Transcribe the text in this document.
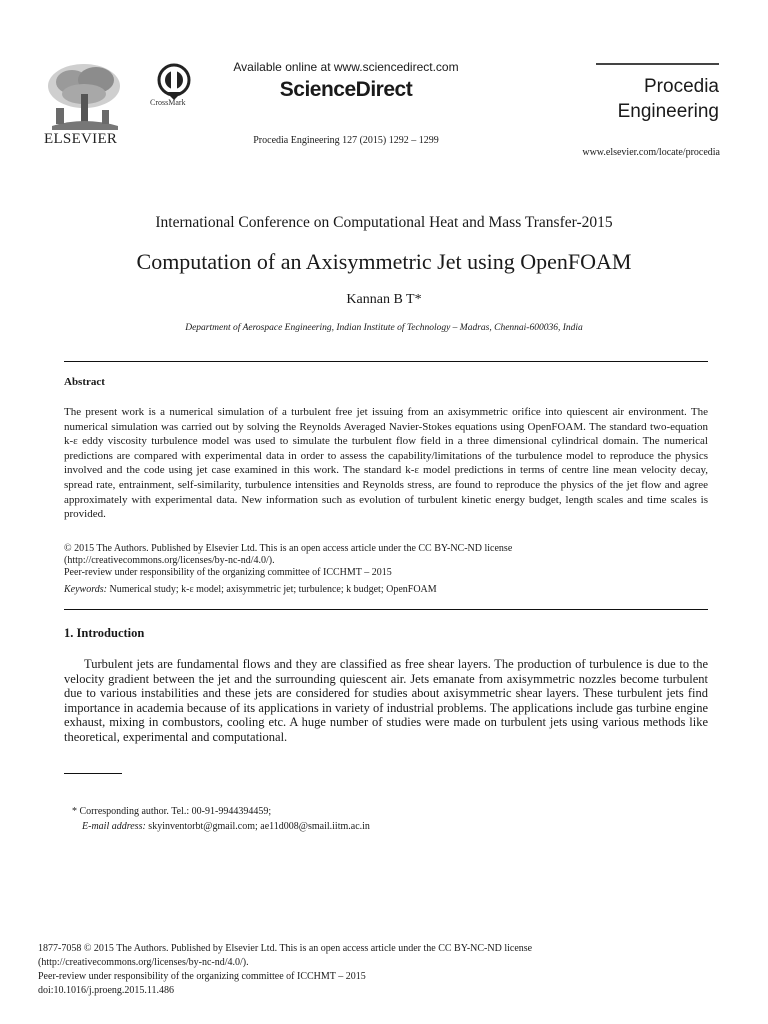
ELSEVIER
CrossMark
Available online at www.sciencedirect.com
ScienceDirect
Procedia Engineering 127 (2015) 1292 – 1299
Procedia
Engineering
www.elsevier.com/locate/procedia
International Conference on Computational Heat and Mass Transfer-2015
Computation of an Axisymmetric Jet using OpenFOAM
Kannan B T*
Department of Aerospace Engineering, Indian Institute of Technology – Madras, Chennai-600036, India
Abstract
The present work is a numerical simulation of a turbulent free jet issuing from an axisymmetric orifice into quiescent air environment. The numerical simulation was carried out by solving the Reynolds Averaged Navier-Stokes equations using OpenFOAM. The standard two-equation k-ε eddy viscosity turbulence model was used to simulate the turbulent flow field in a three dimensional cylindrical domain. The numerical predictions are compared with experimental data in order to assess the capability/limitations of the turbulence model to reproduce the physics involved and the code using jet case examined in this work. The standard k-ε model predictions in terms of centre line mean velocity decay, spread rate, entrainment, self-similarity, turbulence intensities and Reynolds stress, are found to reproduce the physics of the jet flow and agree approximately with experimental data. New information such as evolution of turbulent kinetic energy budget, length scales and time scales is provided.
© 2015 The Authors. Published by Elsevier Ltd. This is an open access article under the CC BY-NC-ND license
(http://creativecommons.org/licenses/by-nc-nd/4.0/).
Peer-review under responsibility of the organizing committee of ICCHMT – 2015
Keywords: Numerical study; k-ε model; axisymmetric jet; turbulence; k budget; OpenFOAM
1. Introduction
Turbulent jets are fundamental flows and they are classified as free shear layers. The production of turbulence is due to the velocity gradient between the jet and the surrounding quiescent air. Jets emanate from axisymmetric nozzles become turbulent due to various instabilities and these jets are considered for studies about axisymmetric shear layers. These turbulent jets find importance in academia because of its applications in variety of industrial problems. The applications include gas turbine engine exhaust, mixing in combustors, cooling etc. A huge number of studies were made on turbulent jets using various methods like theoretical, experimental and computational.
* Corresponding author. Tel.: 00-91-9944394459;
E-mail address: skyinventorbt@gmail.com; ae11d008@smail.iitm.ac.in
1877-7058 © 2015 The Authors. Published by Elsevier Ltd. This is an open access article under the CC BY-NC-ND license
(http://creativecommons.org/licenses/by-nc-nd/4.0/).
Peer-review under responsibility of the organizing committee of ICCHMT – 2015
doi:10.1016/j.proeng.2015.11.486
